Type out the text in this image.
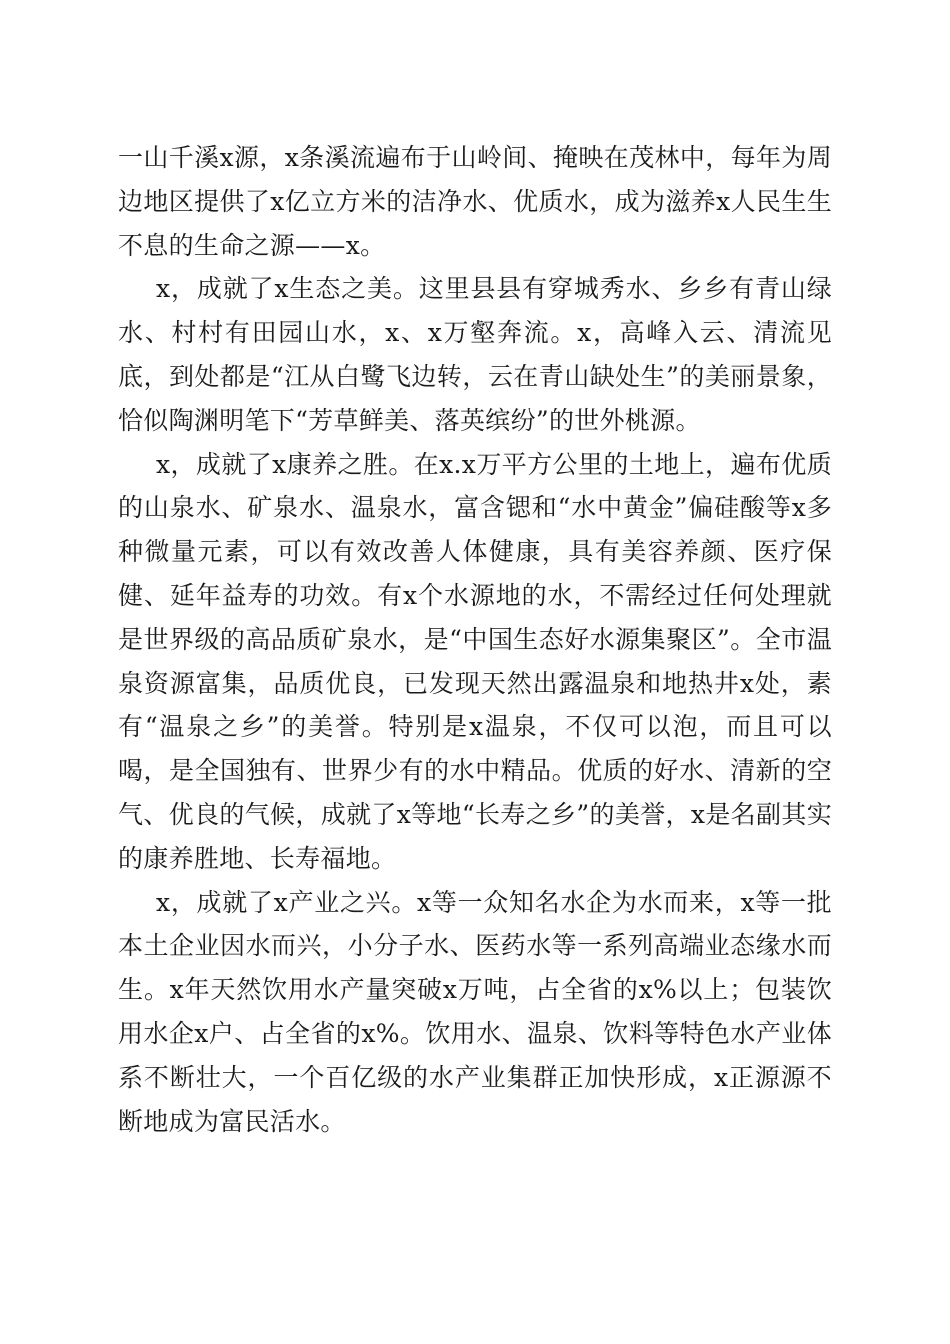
一山千溪x源，x条溪流遍布于山岭间、掩映在茂林中，每年为周边地区提供了x亿立方米的洁净水、优质水，成为滋养x人民生生不息的生命之源——x。

x，成就了x生态之美。这里县县有穿城秀水、乡乡有青山绿水、村村有田园山水，x、x万壑奔流。x，高峰入云、清流见底，到处都是“江从白鹭飞边转，云在青山缺处生”的美丽景象，恰似陶渊明笔下“芳草鲜美、落英缤纷”的世外桃源。

x，成就了x康养之胜。在x.x万平方公里的土地上，遍布优质的山泉水、矿泉水、温泉水，富含锶和“水中黄金”偏硅酸等x多种微量元素，可以有效改善人体健康，具有美容养颜、医疗保健、延年益寿的功效。有x个水源地的水，不需经过任何处理就是世界级的高品质矿泉水，是“中国生态好水源集聚区”。全市温泉资源富集，品质优良，已发现天然出露温泉和地热井x处，素有“温泉之乡”的美誉。特别是x温泉，不仅可以泡，而且可以喝，是全国独有、世界少有的水中精品。优质的好水、清新的空气、优良的气候，成就了x等地“长寿之乡”的美誉，x是名副其实的康养胜地、长寿福地。

x，成就了x产业之兴。x等一众知名水企为水而来，x等一批本土企业因水而兴，小分子水、医药水等一系列高端业态缘水而生。x年天然饮用水产量突破x万吨，占全省的x%以上；包装饮用水企x户、占全省的x%。饮用水、温泉、饮料等特色水产业体系不断壮大，一个百亿级的水产业集群正加快形成，x正源源不断地成为富民活水。
